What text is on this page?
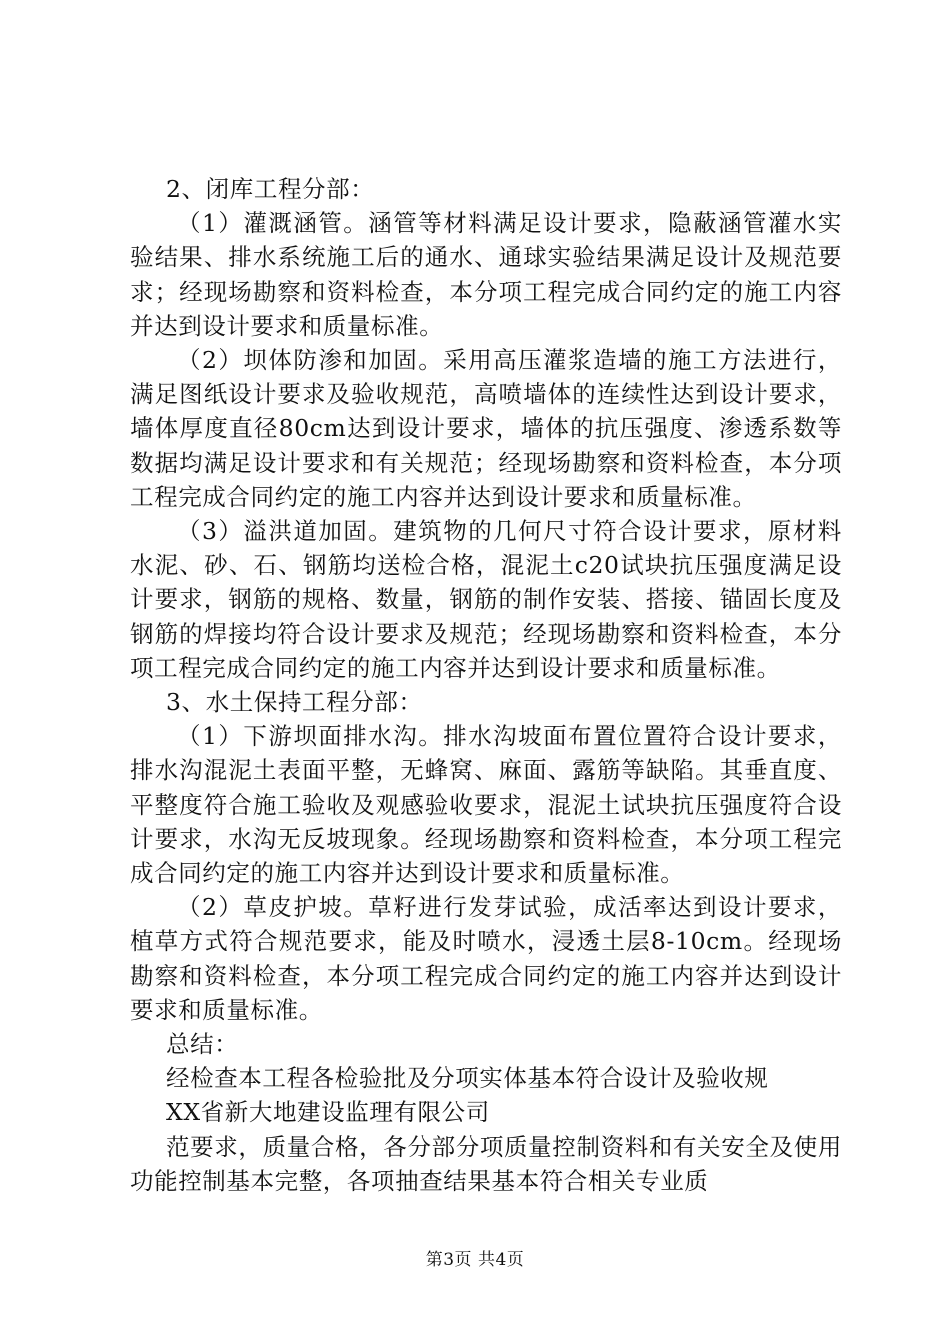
2、闭库工程分部：

（1）灌溉涵管。涵管等材料满足设计要求，隐蔽涵管灌水实验结果、排水系统施工后的通水、通球实验结果满足设计及规范要求；经现场勘察和资料检查，本分项工程完成合同约定的施工内容并达到设计要求和质量标准。

（2）坝体防渗和加固。采用高压灌浆造墙的施工方法进行，满足图纸设计要求及验收规范，高喷墙体的连续性达到设计要求，墙体厚度直径80cm达到设计要求，墙体的抗压强度、渗透系数等数据均满足设计要求和有关规范；经现场勘察和资料检查，本分项工程完成合同约定的施工内容并达到设计要求和质量标准。

（3）溢洪道加固。建筑物的几何尺寸符合设计要求，原材料水泥、砂、石、钢筋均送检合格，混泥土c20试块抗压强度满足设计要求，钢筋的规格、数量，钢筋的制作安装、搭接、锚固长度及钢筋的焊接均符合设计要求及规范；经现场勘察和资料检查，本分项工程完成合同约定的施工内容并达到设计要求和质量标准。

3、水土保持工程分部：

（1）下游坝面排水沟。排水沟坡面布置位置符合设计要求，排水沟混泥土表面平整，无蜂窝、麻面、露筋等缺陷。其垂直度、平整度符合施工验收及观感验收要求，混泥土试块抗压强度符合设计要求，水沟无反坡现象。经现场勘察和资料检查，本分项工程完成合同约定的施工内容并达到设计要求和质量标准。

（2）草皮护坡。草籽进行发芽试验，成活率达到设计要求，植草方式符合规范要求，能及时喷水，浸透土层8-10cm。经现场勘察和资料检查，本分项工程完成合同约定的施工内容并达到设计要求和质量标准。

总结：

经检查本工程各检验批及分项实体基本符合设计及验收规

XX省新大地建设监理有限公司

范要求，质量合格，各分部分项质量控制资料和有关安全及使用功能控制基本完整，各项抽查结果基本符合相关专业质

第3页 共4页
